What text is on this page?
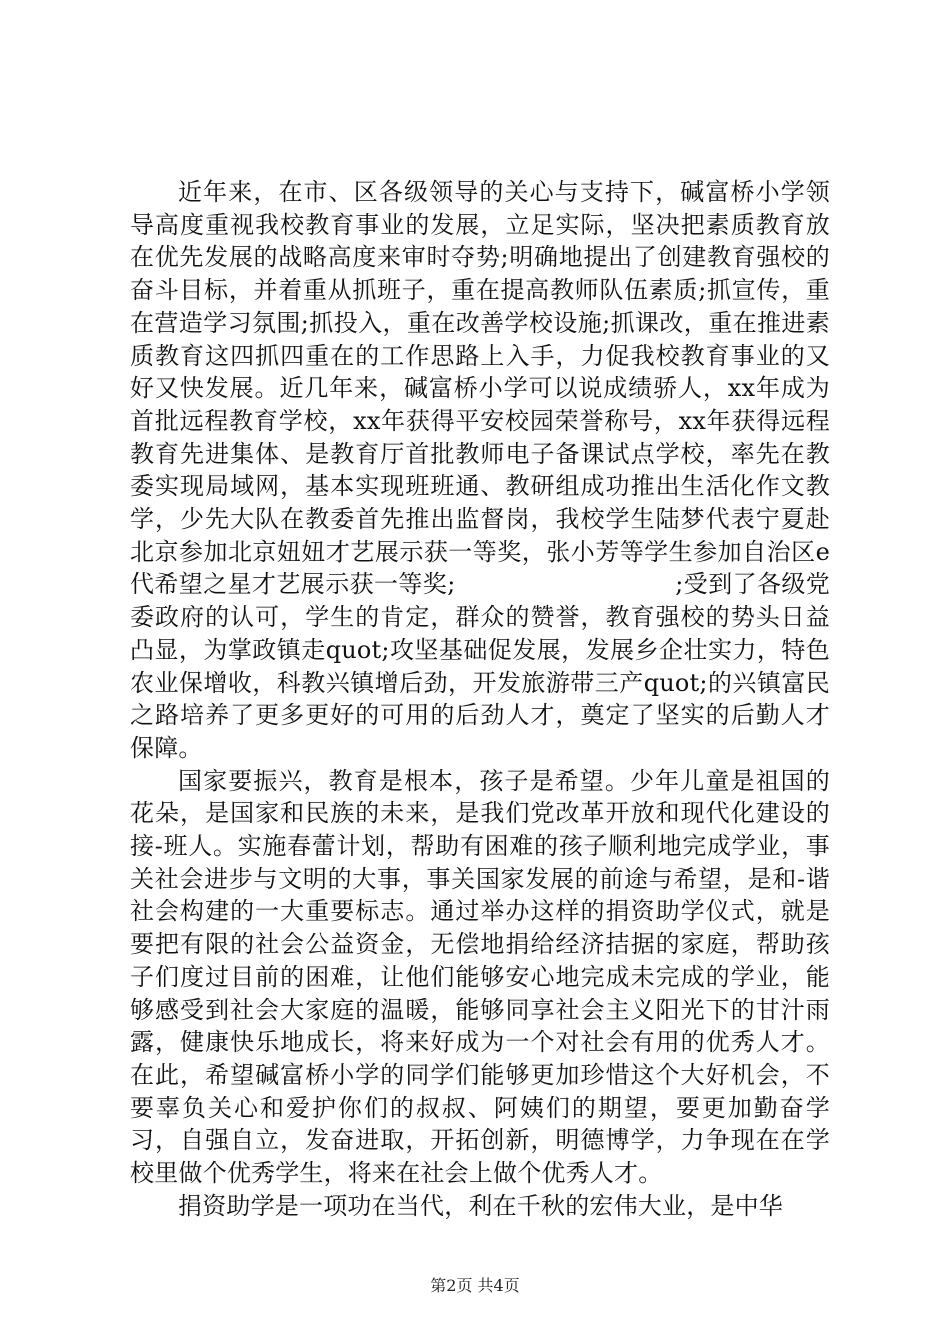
近年来，在市、区各级领导的关心与支持下，碱富桥小学领导高度重视我校教育事业的发展，立足实际，坚决把素质教育放在优先发展的战略高度来审时夺势;明确地提出了创建教育强校的奋斗目标，并着重从抓班子，重在提高教师队伍素质;抓宣传，重在营造学习氛围;抓投入，重在改善学校设施;抓课改，重在推进素质教育这四抓四重在的工作思路上入手，力促我校教育事业的又好又快发展。近几年来，碱富桥小学可以说成绩骄人，xx年成为首批远程教育学校，xx年获得平安校园荣誉称号，xx年获得远程教育先进集体、是教育厅首批教师电子备课试点学校，率先在教委实现局域网，基本实现班班通、教研组成功推出生活化作文教学，少先大队在教委首先推出监督岗，我校学生陆梦代表宁夏赴北京参加北京妞妞才艺展示获一等奖，张小芳等学生参加自治区e代希望之星才艺展示获一等奖;　　　　　　　　　;受到了各级党委政府的认可，学生的肯定，群众的赞誉，教育强校的势头日益凸显，为掌政镇走quot;攻坚基础促发展，发展乡企壮实力，特色农业保增收，科教兴镇增后劲，开发旅游带三产quot;的兴镇富民之路培养了更多更好的可用的后劲人才，奠定了坚实的后勤人才保障。

国家要振兴，教育是根本，孩子是希望。少年儿童是祖国的花朵，是国家和民族的未来，是我们党改革开放和现代化建设的接-班人。实施春蕾计划，帮助有困难的孩子顺利地完成学业，事关社会进步与文明的大事，事关国家发展的前途与希望，是和-谐社会构建的一大重要标志。通过举办这样的捐资助学仪式，就是要把有限的社会公益资金，无偿地捐给经济拮据的家庭，帮助孩子们度过目前的困难，让他们能够安心地完成未完成的学业，能够感受到社会大家庭的温暖，能够同享社会主义阳光下的甘汁雨露，健康快乐地成长，将来好成为一个对社会有用的优秀人才。在此，希望碱富桥小学的同学们能够更加珍惜这个大好机会，不要辜负关心和爱护你们的叔叔、阿姨们的期望，要更加勤奋学习，自强自立，发奋进取，开拓创新，明德博学，力争现在在学校里做个优秀学生，将来在社会上做个优秀人才。

捐资助学是一项功在当代，利在千秋的宏伟大业，是中华

第2页 共4页
